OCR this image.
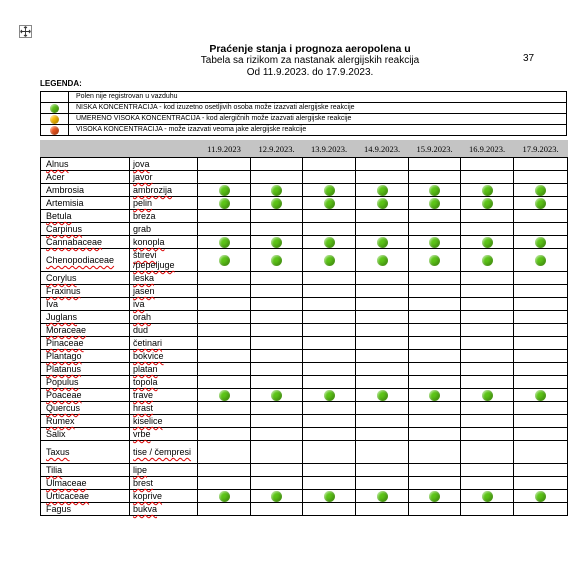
Praćenje stanja i prognoza aeropolena u
Tabela sa rizikom za nastanak alergijskih reakcija
Od 11.9.2023. do 17.9.2023.
37
LEGENDA:
	Polen nije registrovan u vazduhu

	NISKA KONCENTRACIJA - kod izuzetno osetljivih osoba može izazvati alergijske reakcije

	UMERENO VISOKA KONCENTRACIJA - kod alergičnih može izazvati alergijske reakcije

	VISOKA KONCENTRACIJA - može izazvati veoma jake alergijske reakcije
		11.9.2023	12.9.2023.	13.9.2023.	14.9.2023.	15.9.2023.	16.9.2023.	17.9.2023.
Alnus	jova							
Acer	javor							
Ambrosia	ambrozija	

Artemisia	pelin	

Betula	breza							
Carpinus	grab							
Cannabaceae	konopla	

Chenopodiaceae	štirevi /pepeljuge	

Corylus	leska							
Fraxinus	jasen							
Iva	iva							
Juglans	orah							
Moraceae	dud							
Pinaceae	četinari							
Plantago	bokvice							
Platanus	platan							
Populus	topola							
Poaceae	trave	

Quercus	hrast							
Rumex	kiselice							
Salix	vrbe							
Taxus	tise / čempresi							
Tilia	lipe							
Ulmaceae	brest							
Urticaceae	koprive	

Fagus	bukva							
